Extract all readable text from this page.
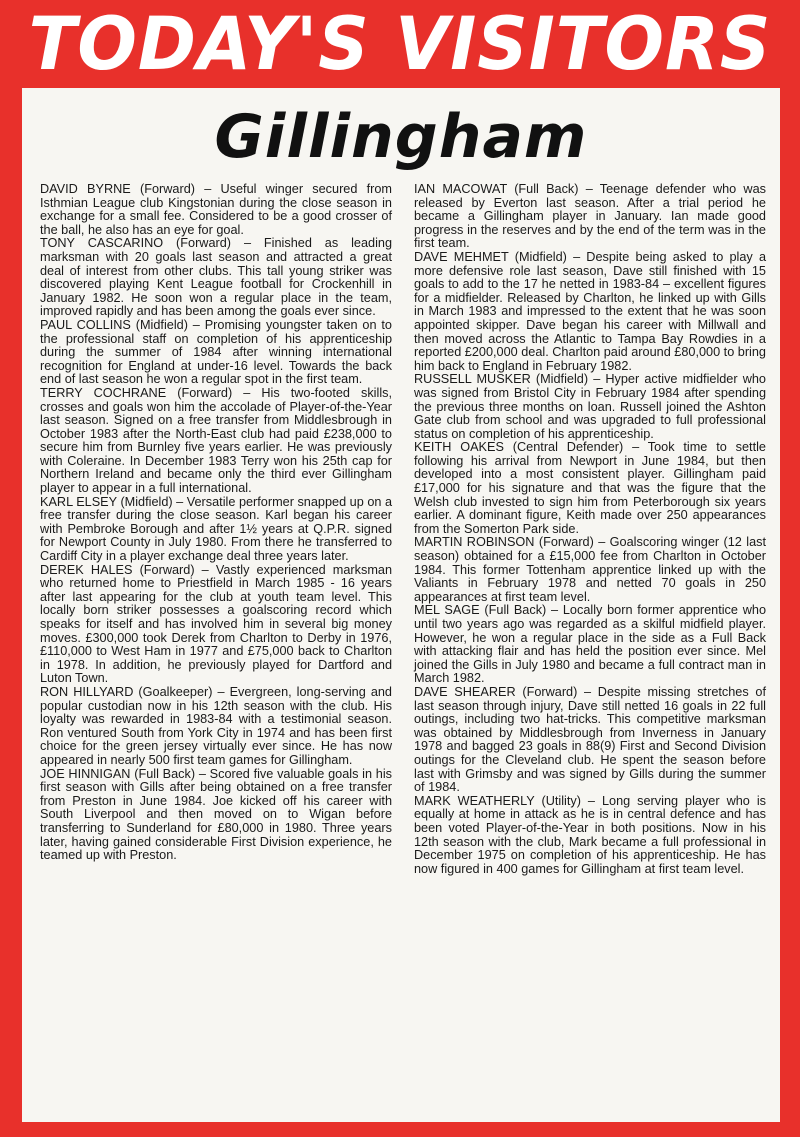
TODAY'S VISITORS
Gillingham

DAVID BYRNE (Forward) – Useful winger secured from Isthmian League club Kingstonian during the close season in exchange for a small fee. Considered to be a good crosser of the ball, he also has an eye for goal.

TONY CASCARINO (Forward) – Finished as leading marksman with 20 goals last season and attracted a great deal of interest from other clubs. This tall young striker was discovered playing Kent League football for Crockenhill in January 1982. He soon won a regular place in the team, improved rapidly and has been among the goals ever since.

PAUL COLLINS (Midfield) – Promising youngster taken on to the professional staff on completion of his apprenticeship during the summer of 1984 after winning international recognition for England at under-16 level. Towards the back end of last season he won a regular spot in the first team.

TERRY COCHRANE (Forward) – His two-footed skills, crosses and goals won him the accolade of Player-of-the-Year last season. Signed on a free transfer from Middlesbrough in October 1983 after the North-East club had paid £238,000 to secure him from Burnley five years earlier. He was previously with Coleraine. In December 1983 Terry won his 25th cap for Northern Ireland and became only the third ever Gillingham player to appear in a full international.

KARL ELSEY (Midfield) – Versatile performer snapped up on a free transfer during the close season. Karl began his career with Pembroke Borough and after 1½ years at Q.P.R. signed for Newport County in July 1980. From there he transferred to Cardiff City in a player exchange deal three years later.

DEREK HALES (Forward) – Vastly experienced marksman who returned home to Priestfield in March 1985 - 16 years after last appearing for the club at youth team level. This locally born striker possesses a goalscoring record which speaks for itself and has involved him in several big money moves. £300,000 took Derek from Charlton to Derby in 1976, £110,000 to West Ham in 1977 and £75,000 back to Charlton in 1978. In addition, he previously played for Dartford and Luton Town.

RON HILLYARD (Goalkeeper) – Evergreen, long-serving and popular custodian now in his 12th season with the club. His loyalty was rewarded in 1983-84 with a testimonial season. Ron ventured South from York City in 1974 and has been first choice for the green jersey virtually ever since. He has now appeared in nearly 500 first team games for Gillingham.

JOE HINNIGAN (Full Back) – Scored five valuable goals in his first season with Gills after being obtained on a free transfer from Preston in June 1984. Joe kicked off his career with South Liverpool and then moved on to Wigan before transferring to Sunderland for £80,000 in 1980. Three years later, having gained considerable First Division experience, he teamed up with Preston.

IAN MACOWAT (Full Back) – Teenage defender who was released by Everton last season. After a trial period he became a Gillingham player in January. Ian made good progress in the reserves and by the end of the term was in the first team.

DAVE MEHMET (Midfield) – Despite being asked to play a more defensive role last season, Dave still finished with 15 goals to add to the 17 he netted in 1983-84 – excellent figures for a midfielder. Released by Charlton, he linked up with Gills in March 1983 and impressed to the extent that he was soon appointed skipper. Dave began his career with Millwall and then moved across the Atlantic to Tampa Bay Rowdies in a reported £200,000 deal. Charlton paid around £80,000 to bring him back to England in February 1982.

RUSSELL MUSKER (Midfield) – Hyper active midfielder who was signed from Bristol City in February 1984 after spending the previous three months on loan. Russell joined the Ashton Gate club from school and was upgraded to full professional status on completion of his apprenticeship.

KEITH OAKES (Central Defender) – Took time to settle following his arrival from Newport in June 1984, but then developed into a most consistent player. Gillingham paid £17,000 for his signature and that was the figure that the Welsh club invested to sign him from Peterborough six years earlier. A dominant figure, Keith made over 250 appearances from the Somerton Park side.

MARTIN ROBINSON (Forward) – Goalscoring winger (12 last season) obtained for a £15,000 fee from Charlton in October 1984. This former Tottenham apprentice linked up with the Valiants in February 1978 and netted 70 goals in 250 appearances at first team level.

MEL SAGE (Full Back) – Locally born former apprentice who until two years ago was regarded as a skilful midfield player. However, he won a regular place in the side as a Full Back with attacking flair and has held the position ever since. Mel joined the Gills in July 1980 and became a full contract man in March 1982.

DAVE SHEARER (Forward) – Despite missing stretches of last season through injury, Dave still netted 16 goals in 22 full outings, including two hat-tricks. This competitive marksman was obtained by Middlesbrough from Inverness in January 1978 and bagged 23 goals in 88(9) First and Second Division outings for the Cleveland club. He spent the season before last with Grimsby and was signed by Gills during the summer of 1984.

MARK WEATHERLY (Utility) – Long serving player who is equally at home in attack as he is in central defence and has been voted Player-of-the-Year in both positions. Now in his 12th season with the club, Mark became a full professional in December 1975 on completion of his apprenticeship. He has now figured in 400 games for Gillingham at first team level.
